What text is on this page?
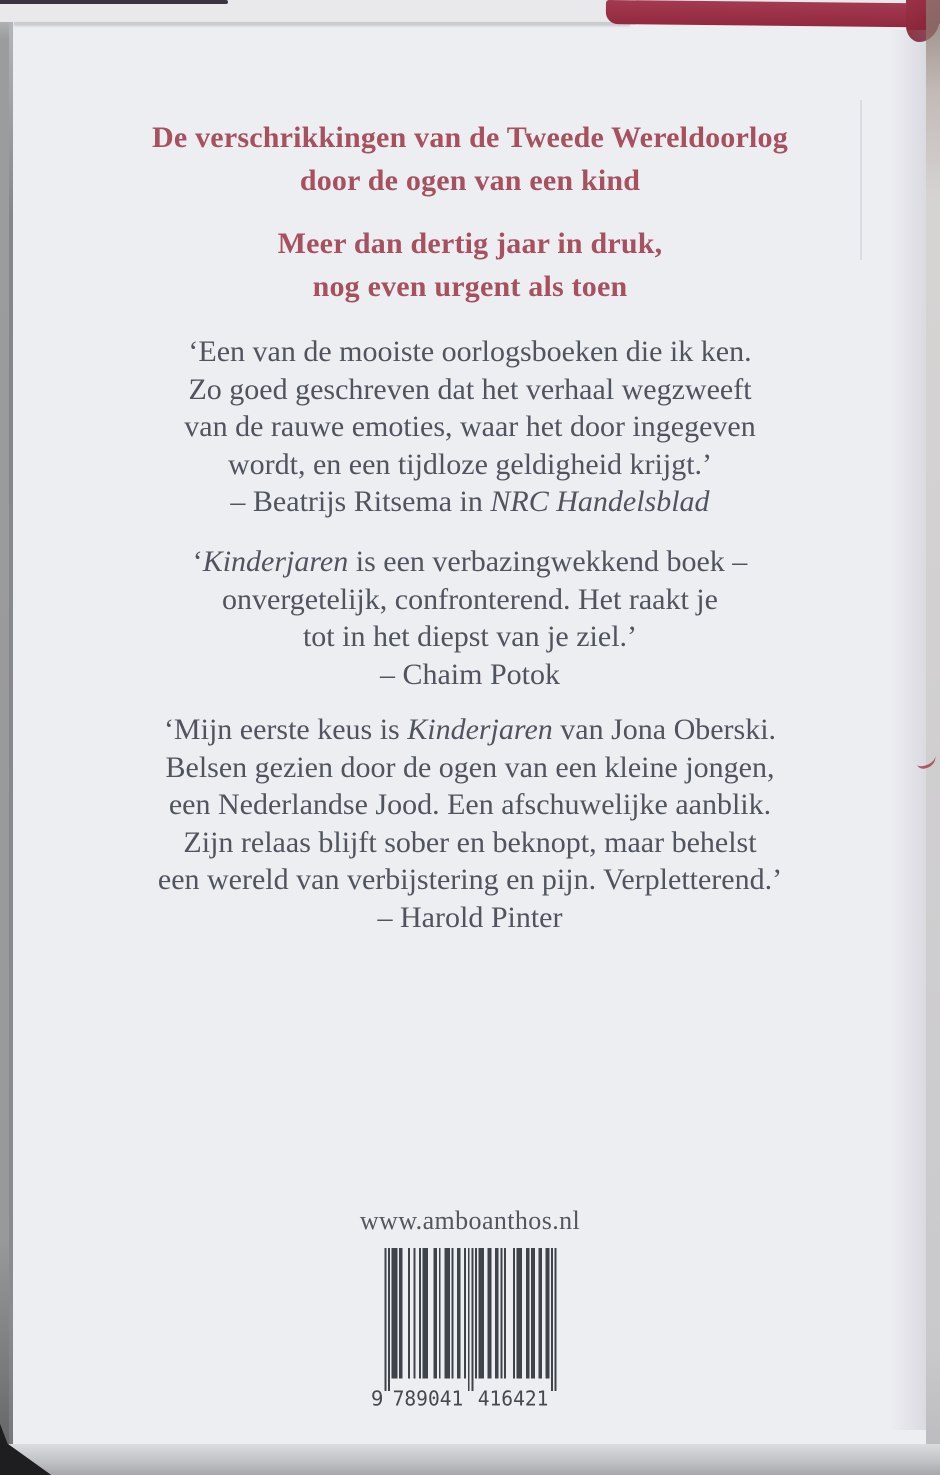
De verschrikkingen van de Tweede Wereldoorlog
door de ogen van een kind
Meer dan dertig jaar in druk,
nog even urgent als toen
‘Een van de mooiste oorlogsboeken die ik ken.
Zo goed geschreven dat het verhaal wegzweeft
van de rauwe emoties, waar het door ingegeven
wordt, en een tijdloze geldigheid krijgt.’
– Beatrijs Ritsema in NRC Handelsblad
‘Kinderjaren is een verbazingwekkend boek –
onvergetelijk, confronterend. Het raakt je
tot in het diepst van je ziel.’
– Chaim Potok
‘Mijn eerste keus is Kinderjaren van Jona Oberski.
Belsen gezien door de ogen van een kleine jongen,
een Nederlandse Jood. Een afschuwelijke aanblik.
Zijn relaas blijft sober en beknopt, maar behelst
een wereld van verbijstering en pijn. Verpletterend.’
– Harold Pinter
www.amboanthos.nl
9 789041 416421
